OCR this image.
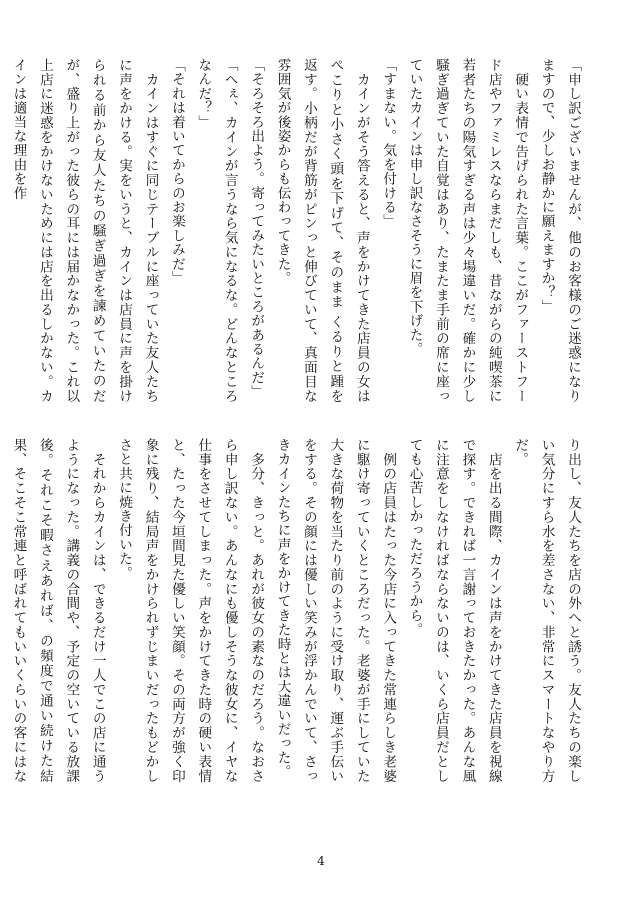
「申し訳ございませんが、他のお客様のご迷惑になりますので、少しお静かに願えますか？」

　硬い表情で告げられた言葉。ここがファーストフード店やファミレスならまだしも、昔ながらの純喫茶に若者たちの陽気すぎる声は少々場違いだ。確かに少し騒ぎ過ぎていた自覚はあり、たまたま手前の席に座っていたカインは申し訳なさそうに眉を下げた。

「すまない。気を付ける」

　カインがそう答えると、声をかけてきた店員の女はぺこりと小さく頭を下げて、そのまま くるりと踵を返す。小柄だが背筋がピンっと伸びていて、真面目な雰囲気が後姿からも伝わってきた。

「そろそろ出よう。寄ってみたいところがあるんだ」

「へぇ、カインが言うなら気になるな。どんなところなんだ？」

「それは着いてからのお楽しみだ」

　カインはすぐに同じテーブルに座っていた友人たちに声をかける。実をいうと、カインは店員に声を掛けられる前から友人たちの騒ぎ過ぎを諫めていたのだが、盛り上がった彼らの耳には届かなかった。これ以上店に迷惑をかけないためには店を出るしかない。カインは適当な理由を作

り出し、友人たちを店の外へと誘う。友人たちの楽しい気分にすら水を差さない、非常にスマートなやり方だ。

　店を出る間際、カインは声をかけてきた店員を視線で探す。できれば一言謝っておきたかった。あんな風に注意をしなければならないのは、いくら店員だとしても心苦しかっただろうから。

　例の店員はたった今店に入ってきた常連らしき老婆に駆け寄っていくところだった。老婆が手にしていた大きな荷物を当たり前のように受け取り、運ぶ手伝いをする。その顔には優しい笑みが浮かんでいて、さっきカインたちに声をかけてきた時とは大違いだった。

　多分、きっと。あれが彼女の素なのだろう。なおさら申し訳ない。あんなにも優しそうな彼女に、イヤな仕事をさせてしまった。声をかけてきた時の硬い表情と、たった今垣間見た優しい笑顔。その両方が強く印象に残り、結局声をかけられずじまいだったもどかしさと共に焼き付いた。

　それからカインは、できるだけ一人でこの店に通うようになった。講義の合間や、予定の空いている放課後。それこそ暇さえあれば、の頻度で通い続けた結果、そこそこ常連と呼ばれてもいいくらいの客にはな

4
